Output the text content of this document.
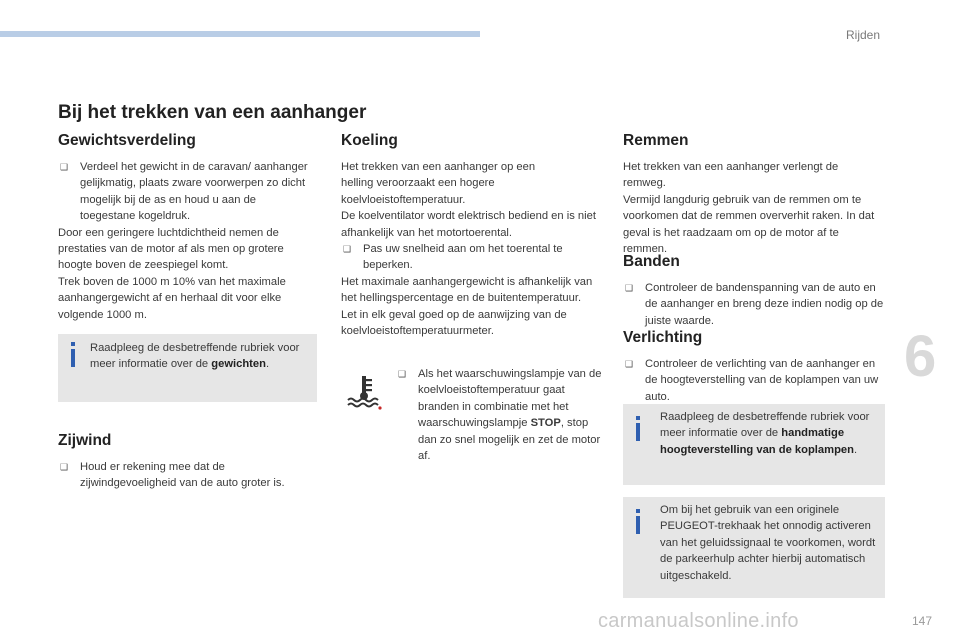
Rijden
6
147
carmanualsonline.info
Bij het trekken van een aanhanger
Gewichtsverdeling

❑ Verdeel het gewicht in de caravan/ aanhanger gelijkmatig, plaats zware voorwerpen zo dicht mogelijk bij de as en houd u aan de toegestane kogeldruk.

Door een geringere luchtdichtheid nemen de prestaties van de motor af als men op grotere hoogte boven de zeespiegel komt.

Trek boven de 1000 m 10% van het maximale aanhangergewicht af en herhaal dit voor elke volgende 1000 m.

Raadpleeg de desbetreffende rubriek voor meer informatie over de gewichten.
Zijwind

❑ Houd er rekening mee dat de zijwindgevoeligheid van de auto groter is.

Koeling

Het trekken van een aanhanger op een helling veroorzaakt een hogere koelvloeistoftemperatuur.

De koelventilator wordt elektrisch bediend en is niet afhankelijk van het motortoerental.

❑ Pas uw snelheid aan om het toerental te beperken.

Het maximale aanhangergewicht is afhankelijk van het hellingspercentage en de buitentemperatuur.

Let in elk geval goed op de aanwijzing van de koelvloeistoftemperatuurmeter.

❑ Als het waarschuwingslampje van de koelvloeistoftemperatuur gaat branden in combinatie met het waarschuwingslampje STOP, stop dan zo snel mogelijk en zet de motor af.

Remmen

Het trekken van een aanhanger verlengt de remweg.

Vermijd langdurig gebruik van de remmen om te voorkomen dat de remmen oververhit raken. In dat geval is het raadzaam om op de motor af te remmen.

Banden

❑ Controleer de bandenspanning van de auto en de aanhanger en breng deze indien nodig op de juiste waarde.

Verlichting

❑ Controleer de verlichting van de aanhanger en de hoogteverstelling van de koplampen van uw auto.

Raadpleeg de desbetreffende rubriek voor meer informatie over de handmatige hoogteverstelling van de koplampen.
Om bij het gebruik van een originele PEUGEOT-trekhaak het onnodig activeren van het geluidssignaal te voorkomen, wordt de parkeerhulp achter hierbij automatisch uitgeschakeld.
